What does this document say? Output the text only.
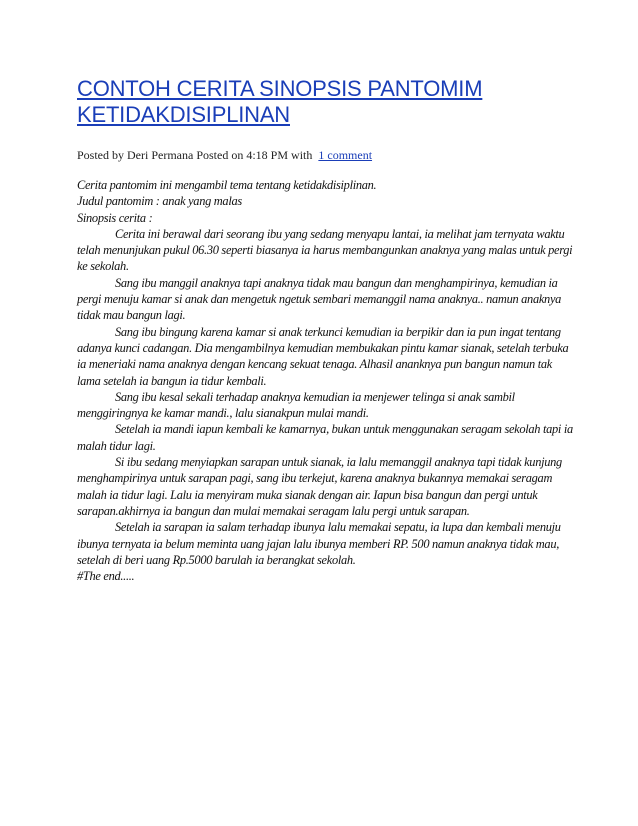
CONTOH CERITA SINOPSIS PANTOMIM
KETIDAKDISIPLINAN
Posted by Deri Permana Posted on 4:18 PM with 1 comment

Cerita pantomim ini mengambil tema tentang ketidakdisiplinan.

Judul pantomim : anak yang malas

Sinopsis cerita :

Cerita ini berawal dari seorang ibu yang sedang menyapu lantai, ia melihat jam ternyata waktu telah menunjukan pukul 06.30 seperti biasanya ia harus membangunkan anaknya yang malas untuk pergi ke sekolah.

Sang ibu manggil anaknya tapi anaknya tidak mau bangun dan menghampirinya, kemudian ia pergi menuju kamar si anak dan mengetuk ngetuk sembari memanggil nama anaknya.. namun anaknya tidak mau bangun lagi.

Sang ibu bingung karena kamar si anak terkunci kemudian ia berpikir dan ia pun ingat tentang adanya kunci cadangan. Dia mengambilnya kemudian membukakan pintu kamar sianak, setelah terbuka ia meneriaki nama anaknya dengan kencang sekuat tenaga. Alhasil ananknya pun bangun namun tak lama setelah ia bangun ia tidur kembali.

Sang ibu kesal sekali terhadap anaknya kemudian ia menjewer telinga si anak sambil menggiringnya ke kamar mandi., lalu sianakpun mulai mandi.

Setelah ia mandi iapun kembali ke kamarnya, bukan untuk menggunakan seragam sekolah tapi ia malah tidur lagi.

Si ibu sedang menyiapkan sarapan untuk sianak, ia lalu memanggil anaknya tapi tidak kunjung menghampirinya untuk sarapan pagi, sang ibu terkejut, karena anaknya bukannya memakai seragam malah ia tidur lagi. Lalu ia menyiram muka sianak dengan air. Iapun bisa bangun dan pergi untuk sarapan.akhirnya ia bangun dan mulai memakai seragam lalu pergi untuk sarapan.

Setelah ia sarapan ia salam terhadap ibunya lalu memakai sepatu, ia lupa dan kembali menuju ibunya ternyata ia belum meminta uang jajan lalu ibunya memberi RP. 500 namun anaknya tidak mau, setelah di beri uang Rp.5000 barulah ia berangkat sekolah.

#The end.....
